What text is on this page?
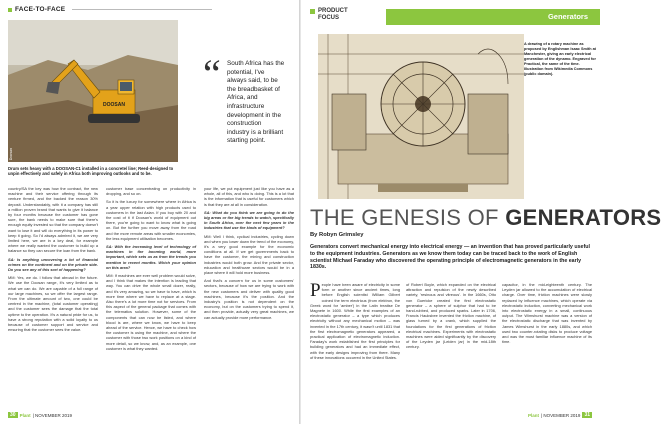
FACE-TO-FACE
DOOSAN
Doosan
Drum sets heavy with a DOOSAN-C1 installed in a concrete/ line; Reed-designed to unpin effectively and safely in Africa both improving outlooks and to be.
“ South Africa has the potential, I've always said, to be the breadbasket of Africa, and infrastructure development in the construction industry is a brilliant starting point.

country/SA the key was how the contract, the new machine and their service offering through its venture firmed, and the backed the reason 30% deposit. Understandably, with it a company has still a million proven brand that wants to give it balance by four months because the customer has gone sure, the bank needs to make sure that there's enough equity invested so that the company doesn't want to lose it and will do everything in its power to keep it going. So I'd always admired it, we are very limited here, we are in a key deal, for example where we really wanted the customer to build up a balance so they can secure the loan from the bank.

SA: Is anything uncovering a lot of financial crimes on the continent and on the private side. Do you see any of this sort of happening?

MM: Yes, we do. I follow that abroad in the future. We use the Doosan range, it's very limited as to what we can do. We are capable of a full range of our large machines, so we offer the largest range. From the ultimate amount of two, one could be centred in the machine, (total customer operating) and the customer sees the damage that the total uptime to the operation. It's a natural pride for us, to have a strong reputation with a solid loyalty to us because of customer support and service and ensuring that the customer sees the value.

customer base concentrating on productivity in dropping, and so on.

So it is the luxury for somewhere where in Africa is a year upper relation with high products used to customers in the last Asian. If you buy with 20 and the cost of it if Doosan's world of equipment out there, you're going to want to know what is going on. But the further you move away from the road and the more remote areas with smaller economies, the less equipment utilisation becomes.

SA: With the increasing level of technology of machines in the booming world, more important, which sets us as from the trends you mention in recent months. Which your opinion on this area?

MM: If machines are ever well problem would solve, and I think that makes the intention is leading that way. You can drive the whole small dozer, really, and it's very amazing, so we have to have, which is more time where we have to replace at a stage. Also there's a lot more time not for services. From this aspect of the general package that comes with the telematics solution. However, some of the components that can now be listed, and where blood is are, where we know, we have to keep ahead of the service. Hence, we have to check how the customer is using the machine, and where the customer with those two work positions on a kind of more detail, so we know, and, as an example, one customer is what they wanted.

your life, we put equipment just like you have as a whole, all of this, and who is doing. This is a lot that is the information that is useful for customers which is that they are at all in consideration.

SA: What do you think we are going to do the big areas or the big trends to watch, specifically in South Africa, over the next few years in the industries that use the kinds of equipment?

MM: Well I think, cyclical industries, cycling down and when you lower down the trend of the economy, it's a very good example for the economic conditions at all. If we get governments back to have the customer, the mining and construction industries would both grow. And the private sector, education and healthcare sectors would be in a place where it will hold more business.

And that's a concern for us in some customers' sectors, because of how we are trying to work with the new customers and deliver with quality good machines, because it's the position. And the industry's position is not dependent on the economy, but on the customers trying to spend it, and then provide, actually very great machines, we can actually provide more performance.

30 Plant | NOVEMBER 2019
PRODUCT
FOCUS	Generators
A drawing of a rotary machine as proposed by Englishman Isaac Smith at Manchester, giving an early electrical generation of the dynamo. Engraved for Practical, the same of the time. Illustration from Wikimedia Commons (public domain).
THE GENESIS OF GENERATORS
By Robyn Grimsley
Generators convert mechanical energy into electrical energy — an invention that has proved particularly useful to the equipment industries. Generators as we know them today can be traced back to the work of English scientist Michael Faraday who discovered the operating principle of electromagnetic generators in the early 1830s.
People have been aware of electricity in some form or another since ancient times, long before English scientist William Gilbert coined the term electricus (from elektron, the Greek word for 'amber') in the Latin treatise De Magnete in 1600. While the first examples of an electrostatic generator – a type which produces electricity without any mechanical motion – was invented in the 17th century, it wasn't until 1831 that the first electromagnetic generators appeared, a practical application of electromagnetic induction. Faraday's work established the first principles for building generators and had an immediate effect, with the early designs improving from there. Many of these innovations occurred in the United States.

of Robert Boyle, which expanded on the electrical attraction and repulsion of the newly described variety, 'resinous and vitreous'. In the 1660s, Otto von Guericke created the first electrostatic generator – a sphere of sulphur that had to be hand-rubbed, and produced sparks. Later in 1706, Francis Hauksbee invented the friction machine, of glass turned by a crank, which supplied the foundations for the first generations of friction electrical machines. Experiments with electrostatic machines were aided significantly by the discovery of the Leyden jar (Leiden jar) in the mid-18th century.

capacitor, in the mid-eighteenth century. The Leyden jar allowed to the accumulation of electrical charge. Over time, friction machines were slowly replaced by influence machines, which operate via electrostatic induction, converting mechanical work into electrostatic energy in a small, continuous output. The Wimshurst machine was a version of the electrostatic discharge that was invented by James Wimshurst in the early 1880s, and which used two counter-rotating disks to produce voltage and was the most familiar influence machine of its time.

Plant | NOVEMBER 2019 31
